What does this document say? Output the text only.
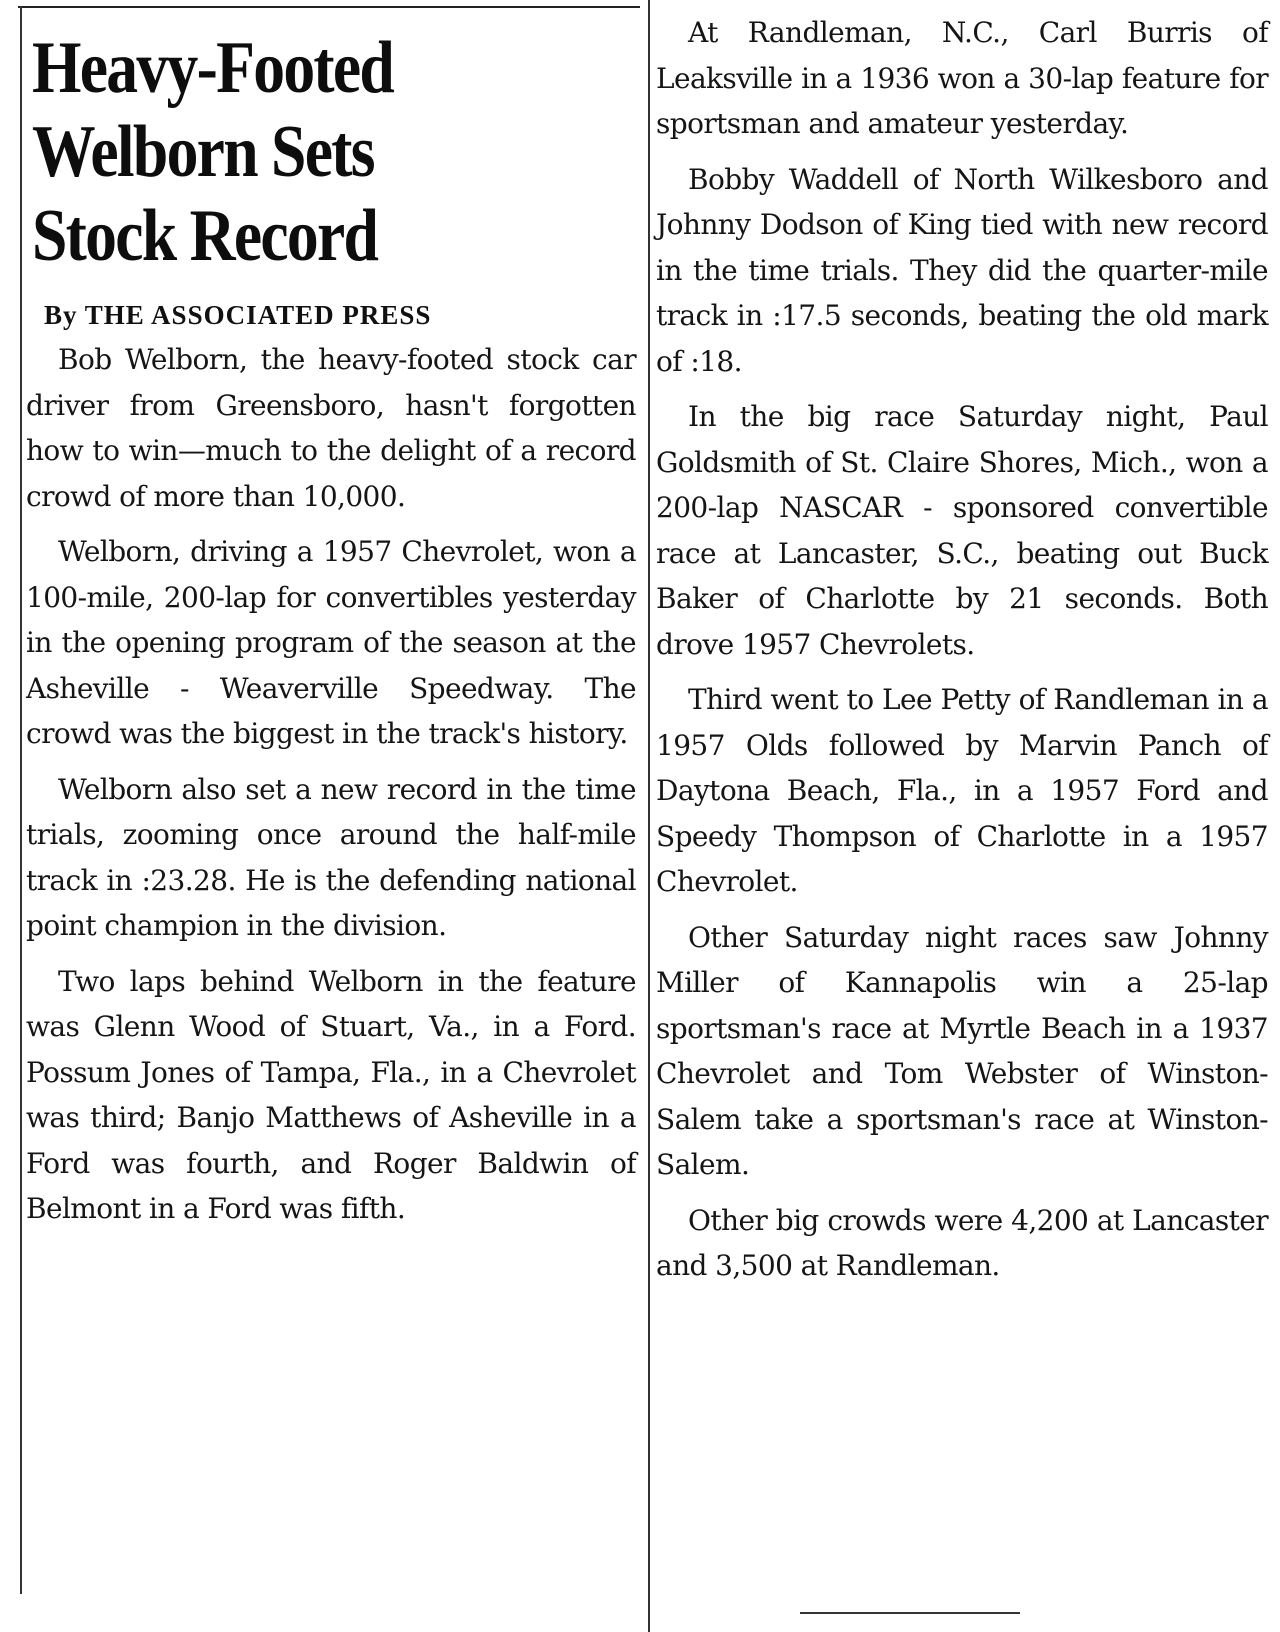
Heavy-Footed
Welborn Sets
Stock Record
By THE ASSOCIATED PRESS

Bob Welborn, the heavy-footed stock car driver from Greensboro, hasn't forgotten how to win—much to the delight of a record crowd of more than 10,000.

Welborn, driving a 1957 Chevrolet, won a 100-mile, 200-lap for convertibles yesterday in the opening program of the season at the Asheville - Weaverville Speedway. The crowd was the biggest in the track's history.

Welborn also set a new record in the time trials, zooming once around the half-mile track in :23.28. He is the defending national point champion in the division.

Two laps behind Welborn in the feature was Glenn Wood of Stuart, Va., in a Ford. Possum Jones of Tampa, Fla., in a Chevrolet was third; Banjo Matthews of Asheville in a Ford was fourth, and Roger Baldwin of Belmont in a Ford was fifth.

At Randleman, N.C., Carl Burris of Leaksville in a 1936 won a 30-lap feature for sportsman and amateur yesterday.

Bobby Waddell of North Wilkesboro and Johnny Dodson of King tied with new record in the time trials. They did the quarter-mile track in :17.5 seconds, beating the old mark of :18.

In the big race Saturday night, Paul Goldsmith of St. Claire Shores, Mich., won a 200-lap NASCAR - sponsored convertible race at Lancaster, S.C., beating out Buck Baker of Charlotte by 21 seconds. Both drove 1957 Chevrolets.

Third went to Lee Petty of Randleman in a 1957 Olds followed by Marvin Panch of Daytona Beach, Fla., in a 1957 Ford and Speedy Thompson of Charlotte in a 1957 Chevrolet.

Other Saturday night races saw Johnny Miller of Kannapolis win a 25-lap sportsman's race at Myrtle Beach in a 1937 Chevrolet and Tom Webster of Winston-Salem take a sportsman's race at Winston-Salem.

Other big crowds were 4,200 at Lancaster and 3,500 at Randleman.
